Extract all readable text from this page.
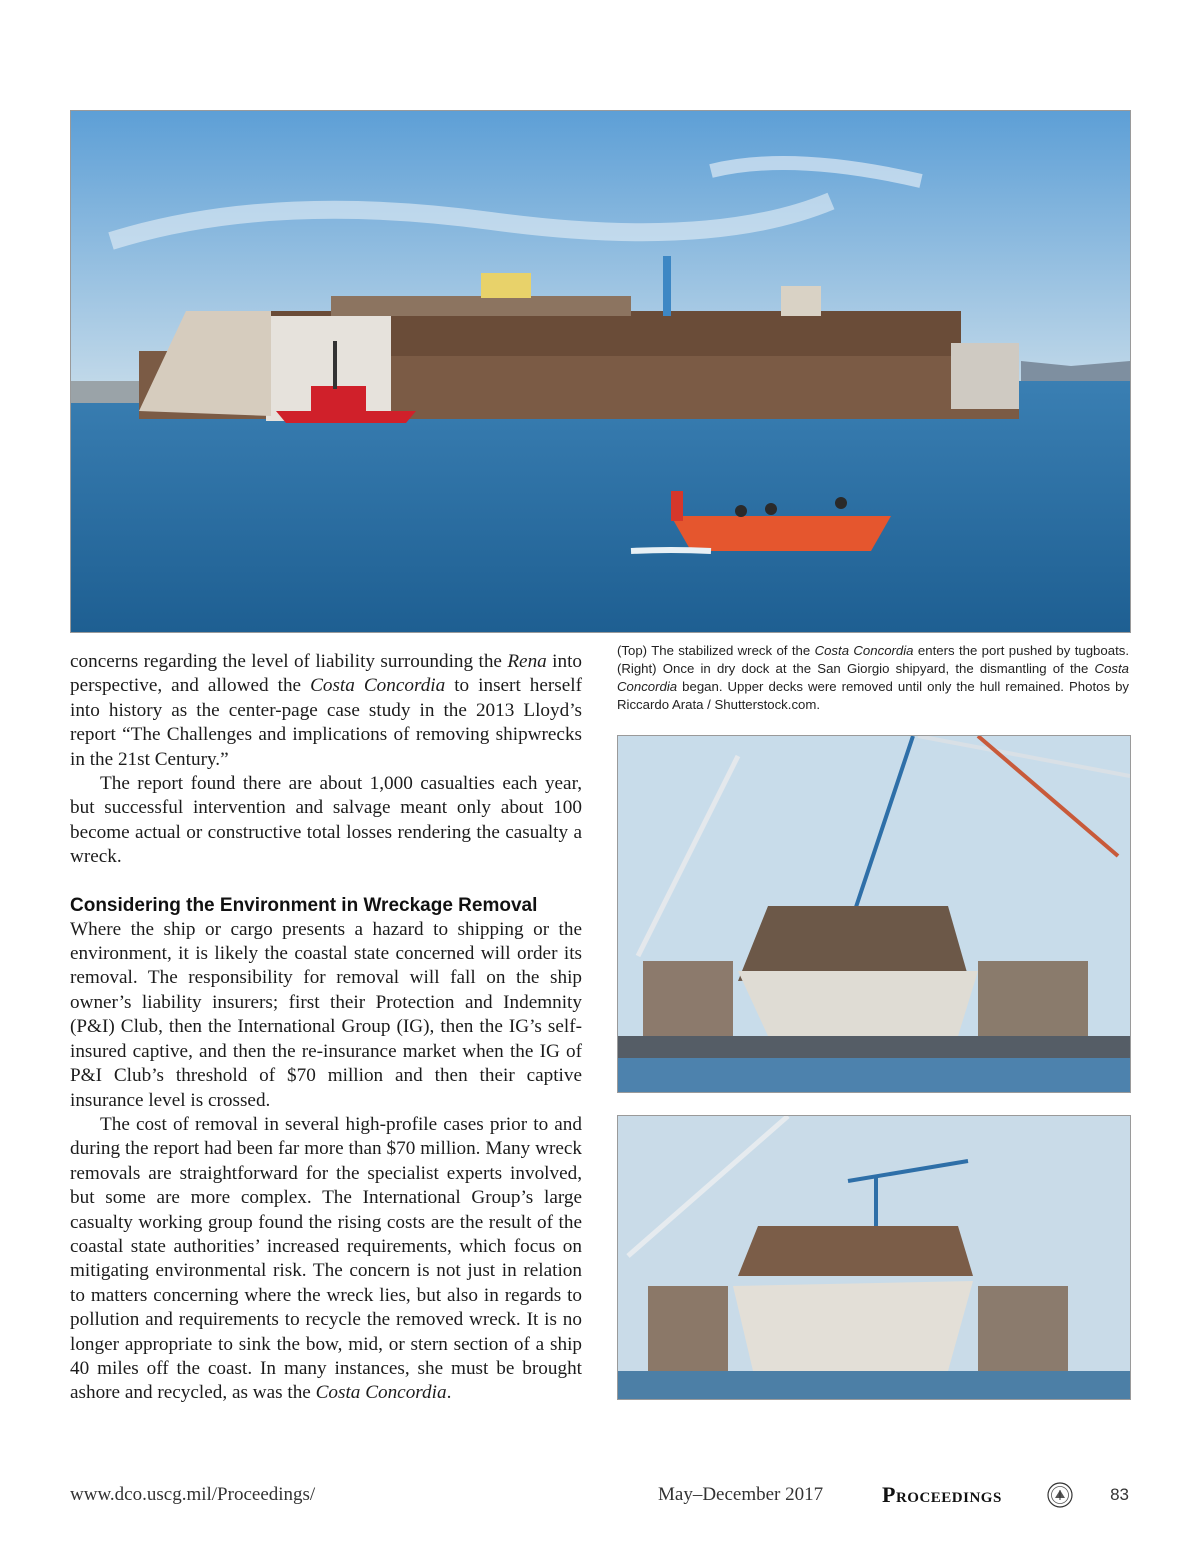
(Top) The stabilized wreck of the Costa Concordia enters the port pushed by tugboats. (Right) Once in dry dock at the San Giorgio shipyard, the dismantling of the Costa Concordia began. Upper decks were removed until only the hull remained. Photos by Riccardo Arata / Shutterstock.com.

concerns regarding the level of liability surrounding the Rena into perspective, and allowed the Costa Concordia to insert herself into history as the center-page case study in the 2013 Lloyd’s report “The Challenges and implications of removing shipwrecks in the 21st Century.”

The report found there are about 1,000 casualties each year, but successful intervention and salvage meant only about 100 become actual or constructive total losses rendering the casualty a wreck.

Considering the Environment in Wreckage Removal

Where the ship or cargo presents a hazard to shipping or the environment, it is likely the coastal state concerned will order its removal. The responsibility for removal will fall on the ship owner’s liability insurers; first their Protection and Indemnity (P&I) Club, then the International Group (IG), then the IG’s self-insured captive, and then the re-insurance market when the IG of P&I Club’s threshold of $70 million and then their captive insurance level is crossed.

The cost of removal in several high-profile cases prior to and during the report had been far more than $70 million. Many wreck removals are straightforward for the specialist experts involved, but some are more complex. The International Group’s large casualty working group found the rising costs are the result of the coastal state authorities’ increased requirements, which focus on mitigating environmental risk. The concern is not just in relation to matters concerning where the wreck lies, but also in regards to pollution and requirements to recycle the removed wreck. It is no longer appropriate to sink the bow, mid, or stern section of a ship 40 miles off the coast. In many instances, she must be brought ashore and recycled, as was the Costa Concordia.

www.dco.uscg.mil/Proceedings/	May–December 2017	Proceedings	83
